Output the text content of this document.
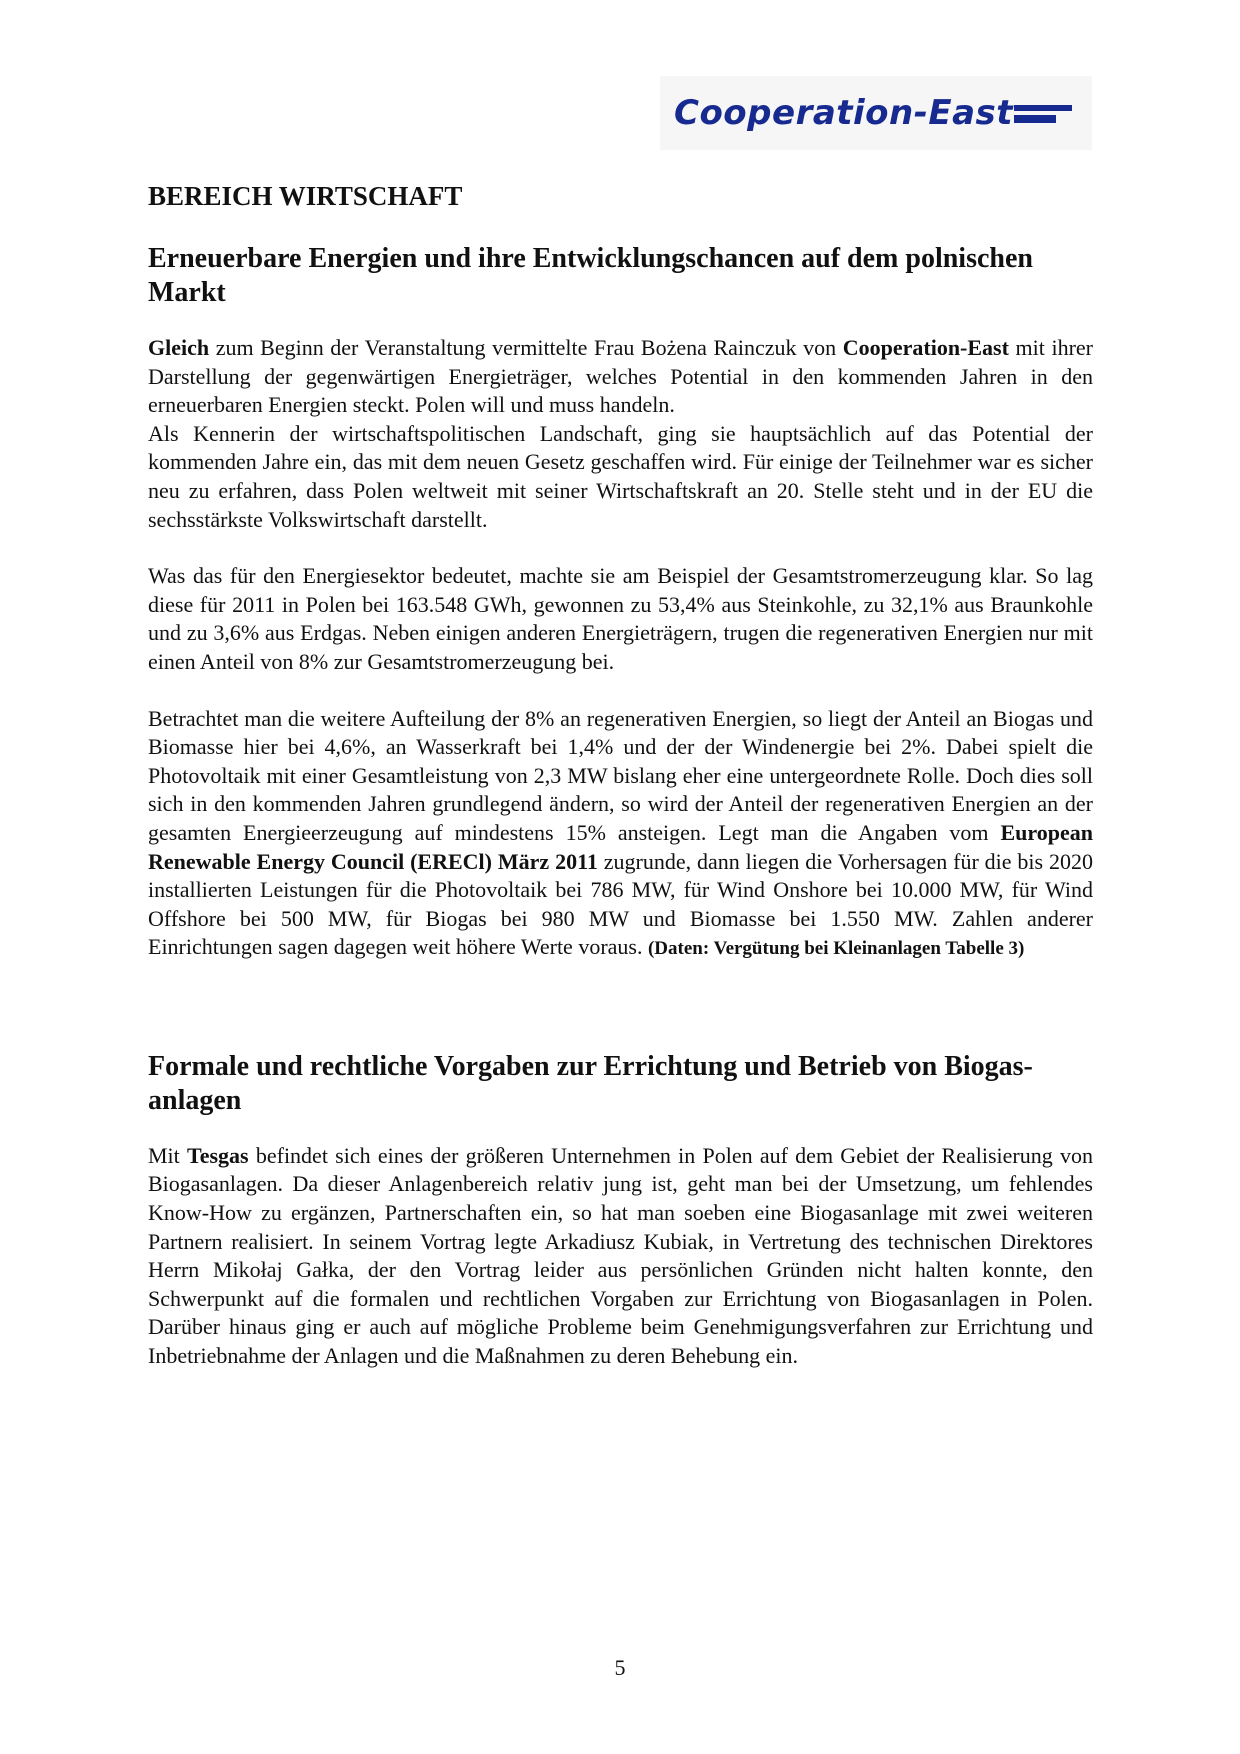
Cooperation-East
BEREICH WIRTSCHAFT
Erneuerbare Energien und ihre Entwicklungschancen auf dem polnischen Markt

Gleich zum Beginn der Veranstaltung vermittelte Frau Bożena Rainczuk von Cooperation-East mit ihrer Darstellung der gegenwärtigen Energieträger, welches Potential in den kommenden Jahren in den erneuerbaren Energien steckt. Polen will und muss handeln.

Als Kennerin der wirtschaftspolitischen Landschaft, ging sie hauptsächlich auf das Potential der kommenden Jahre ein, das mit dem neuen Gesetz geschaffen wird. Für einige der Teilnehmer war es sicher neu zu erfahren, dass Polen weltweit mit seiner Wirtschaftskraft an 20. Stelle steht und in der EU die sechsstärkste Volkswirtschaft darstellt.

Was das für den Energiesektor bedeutet, machte sie am Beispiel der Gesamtstromerzeugung klar. So lag diese für 2011 in Polen bei 163.548 GWh, gewonnen zu 53,4% aus Steinkohle, zu 32,1% aus Braunkohle und zu 3,6% aus Erdgas. Neben einigen anderen Energieträgern, trugen die regenerativen Energien nur mit einen Anteil von 8% zur Gesamtstromerzeugung bei.

Betrachtet man die weitere Aufteilung der 8% an regenerativen Energien, so liegt der Anteil an Biogas und Biomasse hier bei 4,6%, an Wasserkraft bei 1,4% und der der Windenergie bei 2%. Dabei spielt die Photovoltaik mit einer Gesamtleistung von 2,3 MW bislang eher eine untergeordnete Rolle. Doch dies soll sich in den kommenden Jahren grundlegend ändern, so wird der Anteil der regenerativen Energien an der gesamten Energieerzeugung auf mindestens 15% ansteigen. Legt man die Angaben vom European Renewable Energy Council (ERECl) März 2011 zugrunde, dann liegen die Vorhersagen für die bis 2020 installierten Leistungen für die Photovoltaik bei 786 MW, für Wind Onshore bei 10.000 MW, für Wind Offshore bei 500 MW, für Biogas bei 980 MW und Biomasse bei 1.550 MW. Zahlen anderer Einrichtungen sagen dagegen weit höhere Werte voraus. (Daten: Vergütung bei Kleinanlagen Tabelle 3)

Formale und rechtliche Vorgaben zur Errichtung und Betrieb von Biogas-anlagen

Mit Tesgas befindet sich eines der größeren Unternehmen in Polen auf dem Gebiet der Realisierung von Biogasanlagen. Da dieser Anlagenbereich relativ jung ist, geht man bei der Umsetzung, um fehlendes Know-How zu ergänzen, Partnerschaften ein, so hat man soeben eine Biogasanlage mit zwei weiteren Partnern realisiert. In seinem Vortrag legte Arkadiusz Kubiak, in Vertretung des technischen Direktores Herrn Mikołaj Gałka, der den Vortrag leider aus persönlichen Gründen nicht halten konnte, den Schwerpunkt auf die formalen und rechtlichen Vorgaben zur Errichtung von Biogasanlagen in Polen. Darüber hinaus ging er auch auf mögliche Probleme beim Genehmigungsverfahren zur Errichtung und Inbetriebnahme der Anlagen und die Maßnahmen zu deren Behebung ein.

5
